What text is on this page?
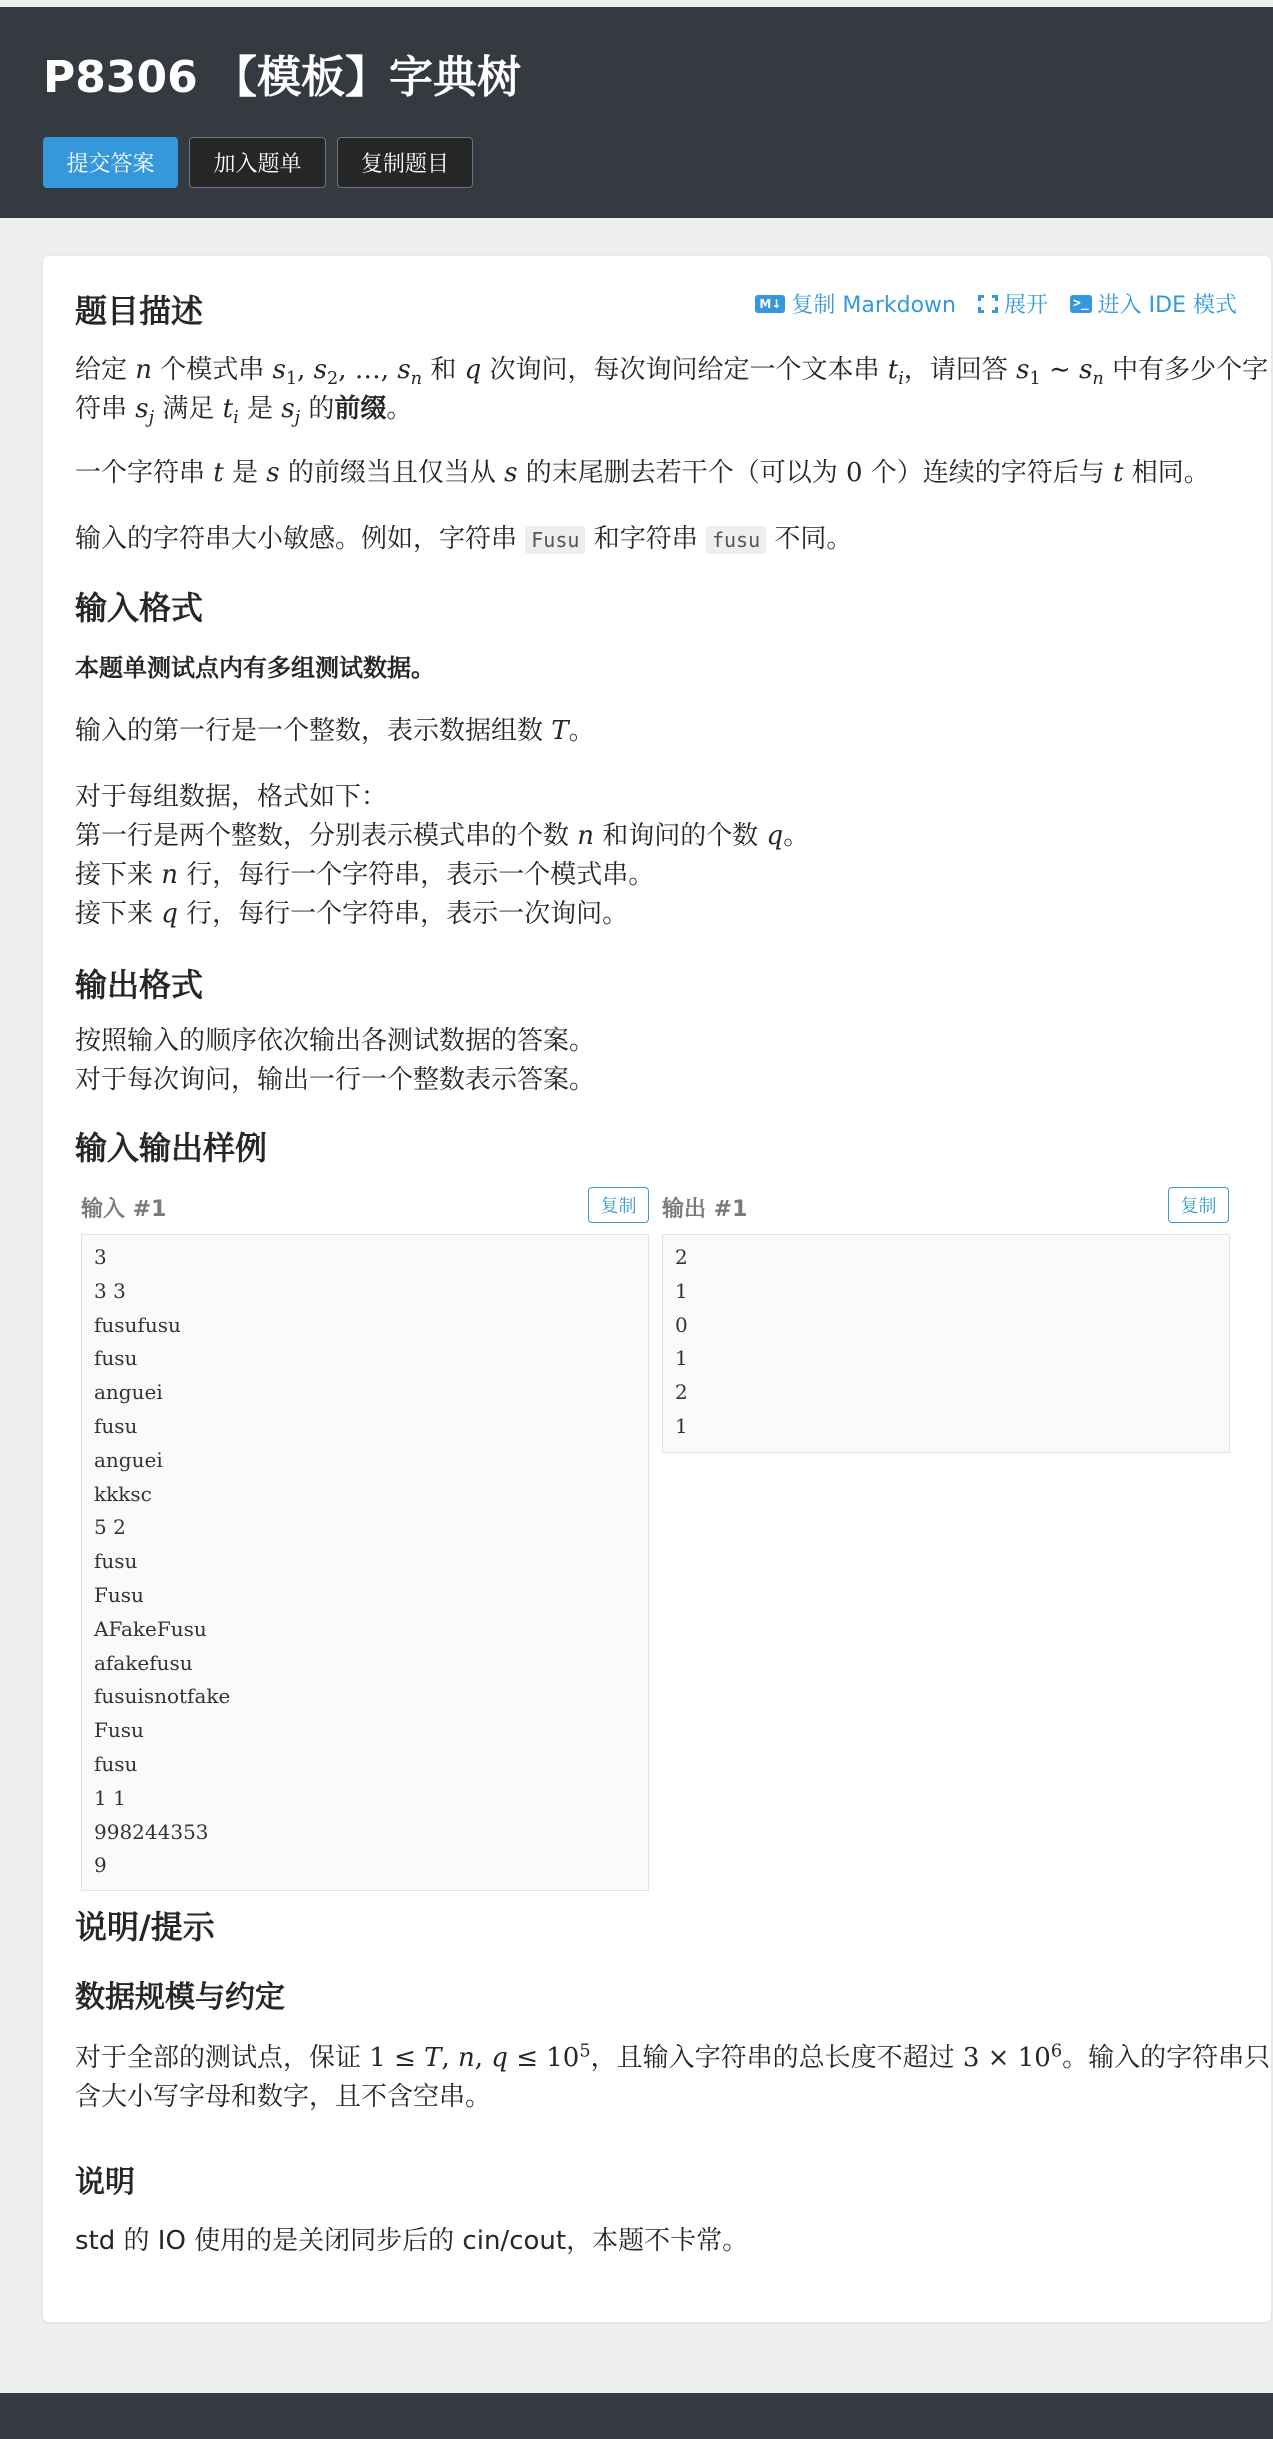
P8306 【模板】字典树
提交答案	加入题单	复制题目
M↓ 复制 Markdown 展开 >_ 进入 IDE 模式
题目描述

给定 n 个模式串 $s_1$, $s_2$, …, $s_n$ 和 q 次询问，每次询问给定一个文本串 $t_i$，请回答 $s_1$ ∼ $s_n$ 中有多少个字符串 $s_j$ 满足 $t_i$ 是 $s_j$ 的前缀。

一个字符串 t 是 s 的前缀当且仅当从 s 的末尾删去若干个（可以为 0 个）连续的字符后与 t 相同。

输入的字符串大小敏感。例如，字符串 Fusu 和字符串 fusu 不同。

输入格式

本题单测试点内有多组测试数据。

输入的第一行是一个整数，表示数据组数 T。

对于每组数据，格式如下：
第一行是两个整数，分别表示模式串的个数 n 和询问的个数 q。
接下来 n 行，每行一个字符串，表示一个模式串。
接下来 q 行，每行一个字符串，表示一次询问。

输出格式

按照输入的顺序依次输出各测试数据的答案。
对于每次询问，输出一行一个整数表示答案。

输入输出样例
输入 #1	复制
3
3 3
fusufusu
fusu
anguei
fusu
anguei
kkksc
5 2
fusu
Fusu
AFakeFusu
afakefusu
fusuisnotfake
Fusu
fusu
1 1
998244353
9
输出 #1	复制
2
1
0
1
2
1
说明/提示
数据规模与约定

对于全部的测试点，保证 1 ≤ T, n, $q \le 10^5$，且输入字符串的总长度不超过 $3 \times 10^6$。输入的字符串只含大小写字母和数字，且不含空串。

说明

std 的 IO 使用的是关闭同步后的 cin/cout，本题不卡常。
